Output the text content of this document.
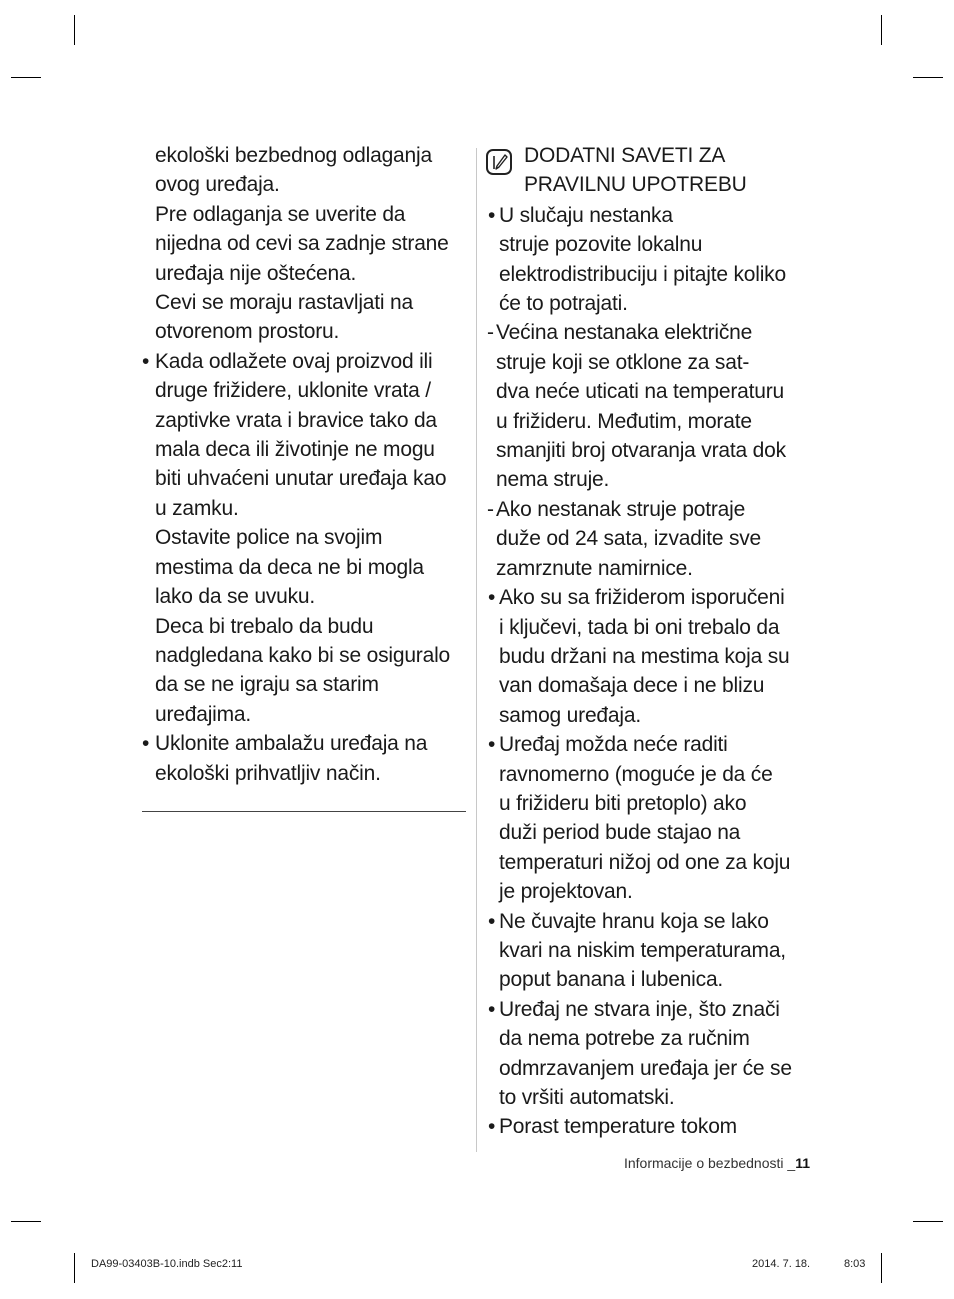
ekološki bezbednog odlaganja
ovog uređaja.
Pre odlaganja se uverite da
nijedna od cevi sa zadnje strane
uređaja nije oštećena.
Cevi se moraju rastavljati na
otvorenom prostoru.
• Kada odlažete ovaj proizvod ili
druge frižidere, uklonite vrata /
zaptivke vrata i bravice tako da
mala deca ili životinje ne mogu
biti uhvaćeni unutar uređaja kao
u zamku.
Ostavite police na svojim
mestima da deca ne bi mogla
lako da se uvuku.
Deca bi trebalo da budu
nadgledana kako bi se osiguralo
da se ne igraju sa starim
uređajima.
• Uklonite ambalažu uređaja na
ekološki prihvatljiv način.
DODATNI SAVETI ZA
PRAVILNU UPOTREBU
• U slučaju nestanka
struje pozovite lokalnu
elektrodistribuciju i pitajte koliko
će to potrajati.
- Većina nestanaka električne
struje koji se otklone za sat-
dva neće uticati na temperaturu
u frižideru. Međutim, morate
smanjiti broj otvaranja vrata dok
nema struje.
- Ako nestanak struje potraje
duže od 24 sata, izvadite sve
zamrznute namirnice.
• Ako su sa frižiderom isporučeni
i ključevi, tada bi oni trebalo da
budu držani na mestima koja su
van domašaja dece i ne blizu
samog uređaja.
• Uređaj možda neće raditi
ravnomerno (moguće je da će
u frižideru biti pretoplo) ako
duži period bude stajao na
temperaturi nižoj od one za koju
je projektovan.
• Ne čuvajte hranu koja se lako
kvari na niskim temperaturama,
poput banana i lubenica.
• Uređaj ne stvara inje, što znači
da nema potrebe za ručnim
odmrzavanjem uređaja jer će se
to vršiti automatski.
• Porast temperature tokom
Informacije o bezbednosti _11
DA99-03403B-10.indb Sec2:11	2014. 7. 18.	8:03
